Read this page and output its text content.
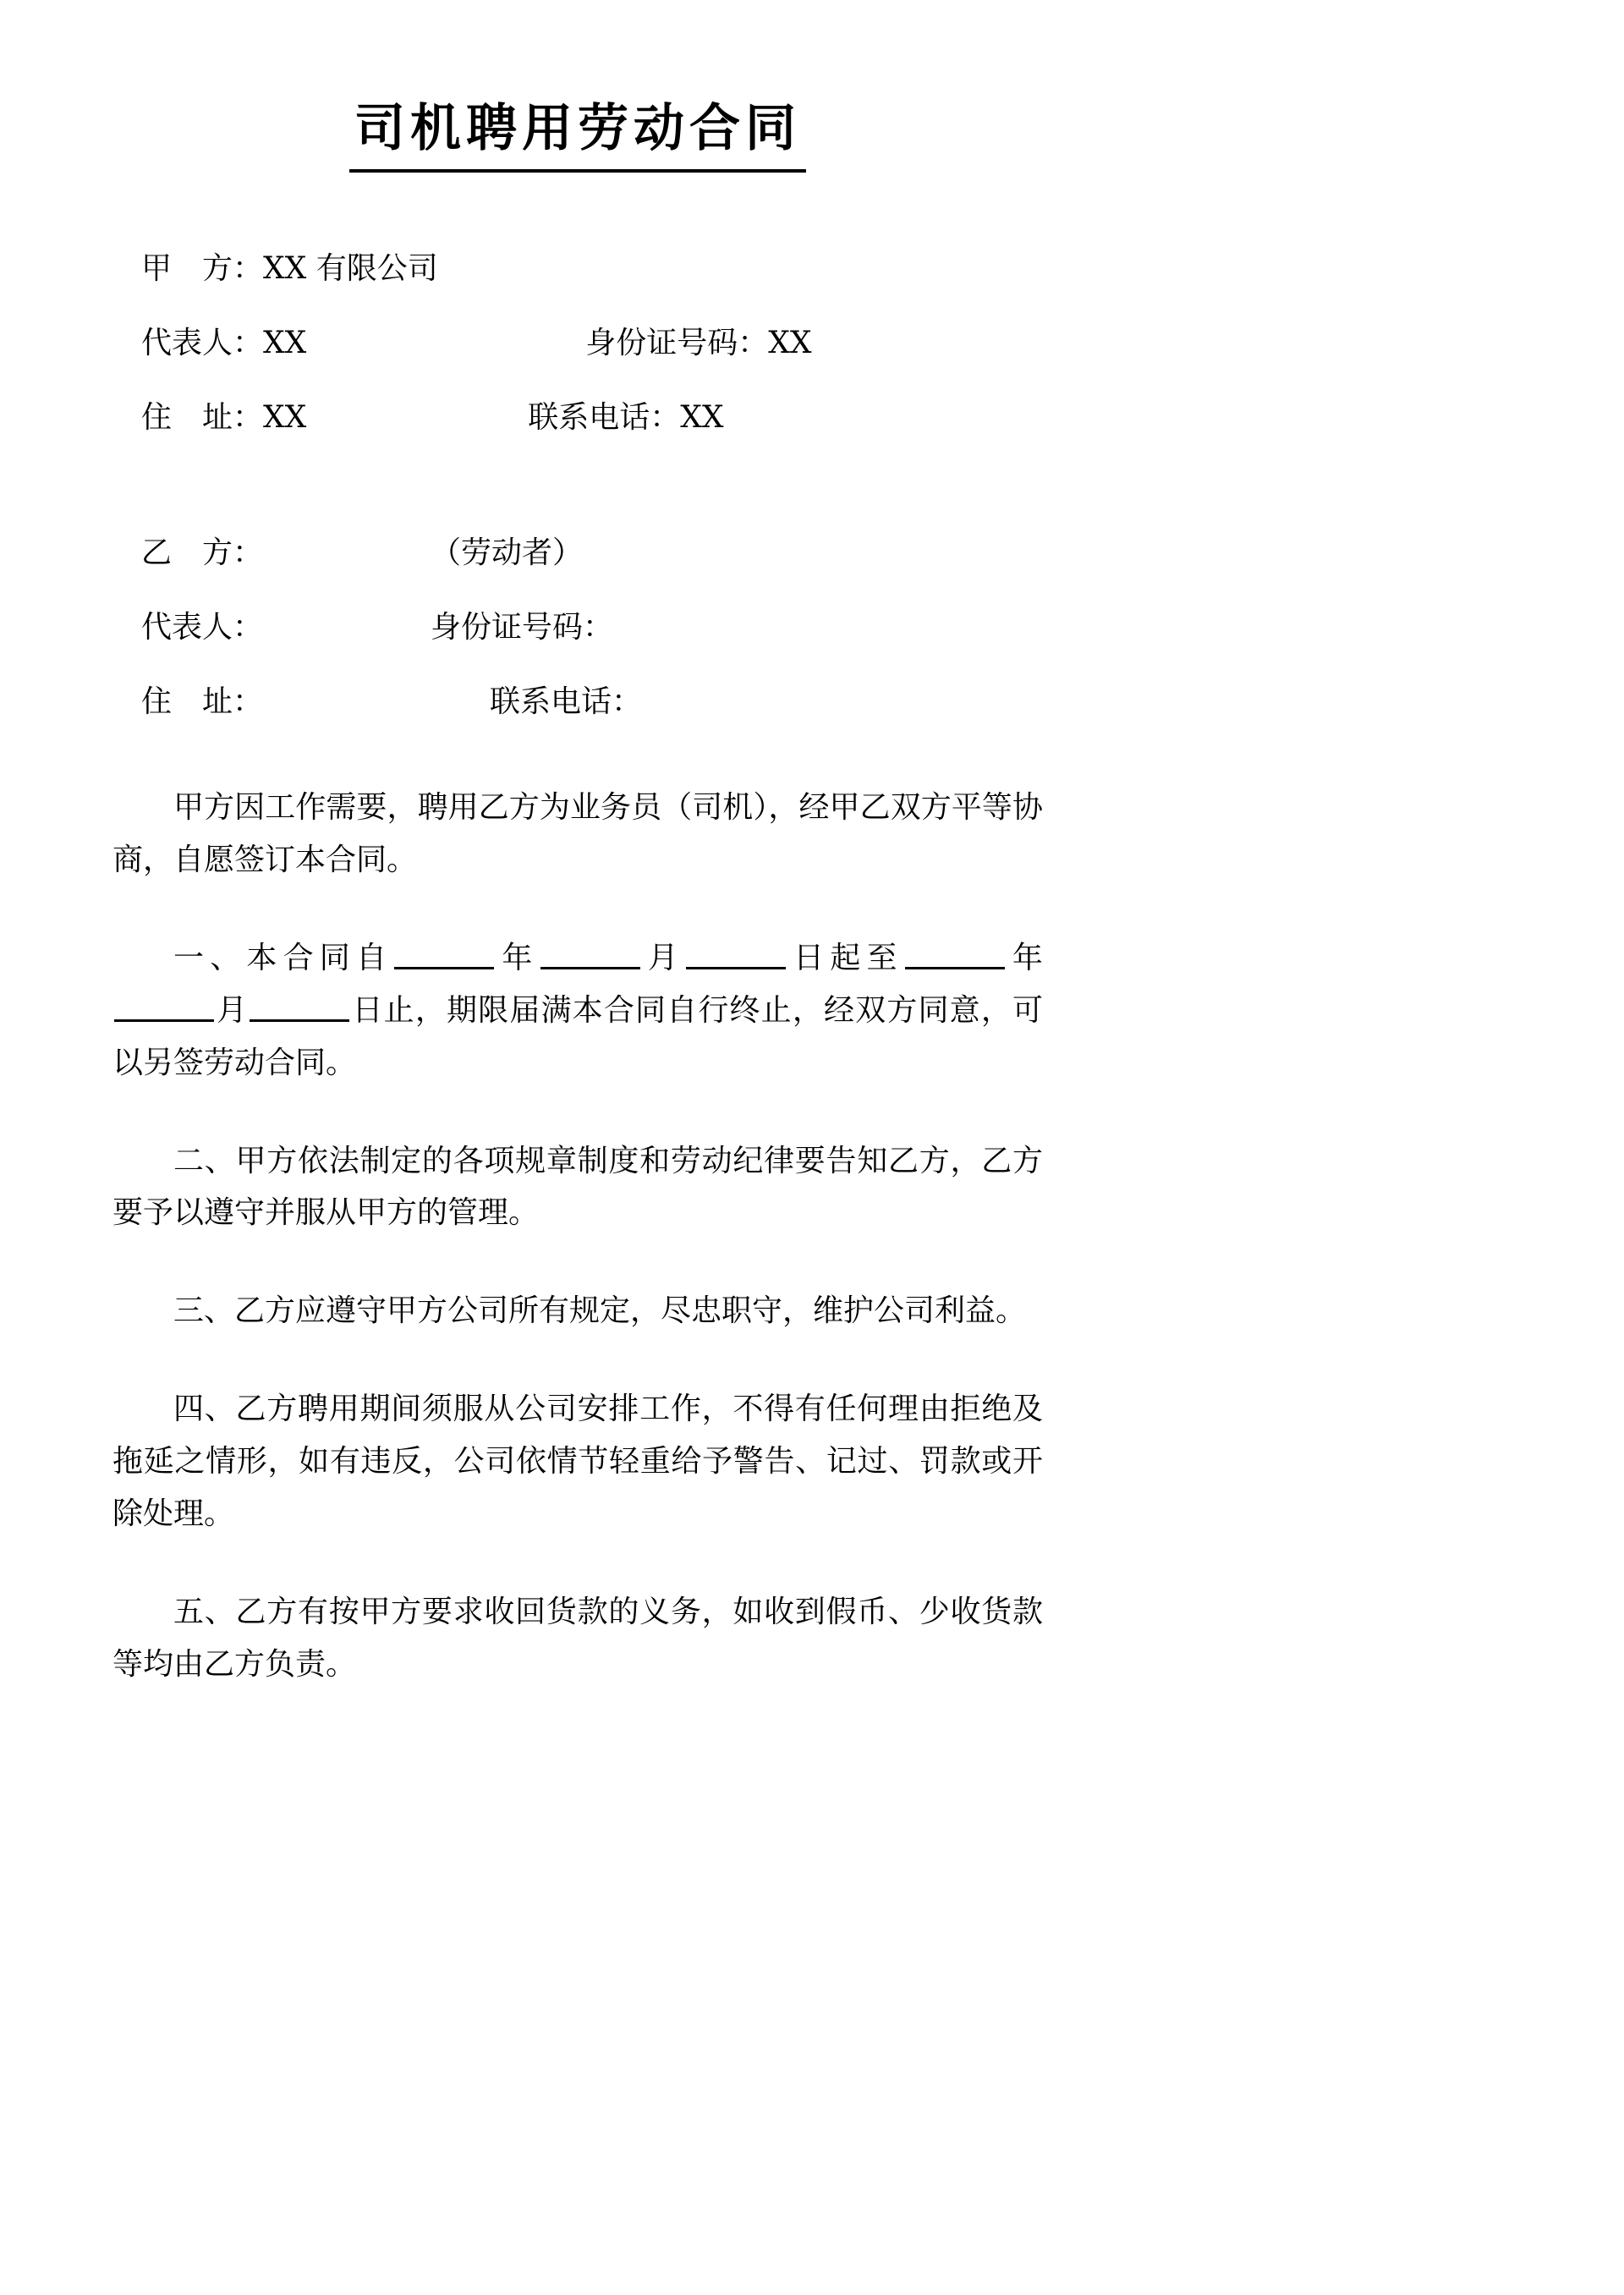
司机聘用劳动合同
甲　方： XX 有限公司
代表人： XX	身份证号码： XX
住　址： XX	联系电话： XX
乙　方：	（劳动者）
代表人：	身份证号码：
住　址：	联系电话：

甲方因工作需要，聘用乙方为业务员（司机），经甲乙双方平等协商，自愿签订本合同。

一、本合同自	年	月	日起至	年月	日止，期限届满本合同自行终止，经双方同意，可以另签劳动合同。

二、甲方依法制定的各项规章制度和劳动纪律要告知乙方，乙方要予以遵守并服从甲方的管理。

三、乙方应遵守甲方公司所有规定，尽忠职守，维护公司利益。

四、乙方聘用期间须服从公司安排工作，不得有任何理由拒绝及拖延之情形，如有违反，公司依情节轻重给予警告、记过、罚款或开除处理。

五、乙方有按甲方要求收回货款的义务，如收到假币、少收货款等均由乙方负责。
